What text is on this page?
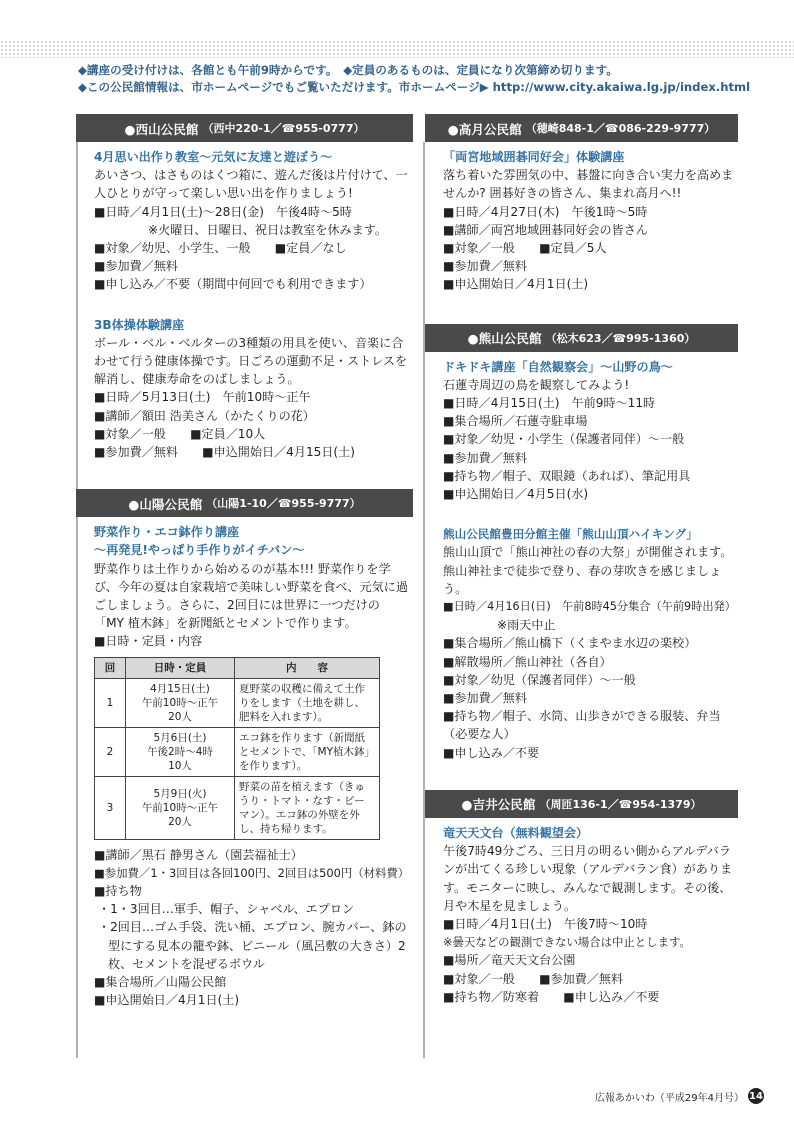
◆講座の受け付けは、各館とも午前9時からです。　◆定員のあるものは、定員になり次第締め切ります。
◆この公民館情報は、市ホームページでもご覧いただけます。市ホームページ▶ http://www.city.akaiwa.lg.jp/index.html
●西山公民館 （西中220-1／☎955-0777）
4月思い出作り教室～元気に友達と遊ぼう～
あいさつ、はさものはくつ箱に、遊んだ後は片付けて、一人ひとりが守って楽しい思い出を作りましょう!
■日時／4月1日(土)～28日(金)　午後4時～5時
※火曜日、日曜日、祝日は教室を休みます。
■対象／幼児、小学生、一般　　■定員／なし
■参加費／無料
■申し込み／不要（期間中何回でも利用できます）
3B体操体験講座
ボール・ベル・ベルターの3種類の用具を使い、音楽に合わせて行う健康体操です。日ごろの運動不足・ストレスを解消し、健康寿命をのばしましょう。
■日時／5月13日(土)　午前10時～正午
■講師／額田 浩美さん（かたくりの花）
■対象／一般　　■定員／10人
■参加費／無料　　■申込開始日／4月15日(土)
●山陽公民館 （山陽1-10／☎955-9777）
野菜作り・エコ鉢作り講座
～再発見!やっぱり手作りがイチバン～
野菜作りは土作りから始めるのが基本!!! 野菜作りを学び、今年の夏は自家栽培で美味しい野菜を食べ、元気に過ごしましょう。さらに、2回目には世界に一つだけの「MY 植木鉢」を新聞紙とセメントで作ります。
■日時・定員・内容
回	日時・定員	内　　容
1	4月15日(土)
午前10時～正午
20人	夏野菜の収穫に備えて土作りをします（土地を耕し、肥料を入れます）。
2	5月6日(土)
午後2時～4時
10人	エコ鉢を作ります（新聞紙とセメントで、「MY植木鉢」を作ります）。
3	5月9日(火)
午前10時～正午
20人	野菜の苗を植えます（きゅうり・トマト・なす・ピーマン）。エコ鉢の外壁を外し、持ち帰ります。
■講師／黒石 静男さん（園芸福祉士）
■参加費／1・3回目は各回100円、2回目は500円（材料費）
■持ち物
・1・3回目…軍手、帽子、シャベル、エプロン
・2回目…ゴム手袋、洗い桶、エプロン、腕カバー、鉢の型にする見本の籠や鉢、ビニール（風呂敷の大きさ）2枚、セメントを混ぜるボウル
■集合場所／山陽公民館
■申込開始日／4月1日(土)
●高月公民館 （穂崎848-1／☎086-229-9777）
「両宮地域囲碁同好会」体験講座
落ち着いた雰囲気の中、碁盤に向き合い実力を高めませんか? 囲碁好きの皆さん、集まれ高月へ!!
■日時／4月27日(木)　午後1時～5時
■講師／両宮地域囲碁同好会の皆さん
■対象／一般　　■定員／5人
■参加費／無料
■申込開始日／4月1日(土)
●熊山公民館 （松木623／☎995-1360）
ドキドキ講座「自然観察会」～山野の鳥～
石蓮寺周辺の鳥を観察してみよう!
■日時／4月15日(土)　午前9時～11時
■集合場所／石蓮寺駐車場
■対象／幼児・小学生（保護者同伴）～一般
■参加費／無料
■持ち物／帽子、双眼鏡（あれば）、筆記用具
■申込開始日／4月5日(水)
熊山公民館豊田分館主催「熊山山頂ハイキング」
熊山山頂で「熊山神社の春の大祭」が開催されます。熊山神社まで徒歩で登り、春の芽吹きを感じましょう。
■日時／4月16日(日)　午前8時45分集合（午前9時出発）
※雨天中止
■集合場所／熊山橋下（くまやま水辺の楽校）
■解散場所／熊山神社（各自）
■対象／幼児（保護者同伴）～一般
■参加費／無料
■持ち物／帽子、水筒、山歩きができる服装、弁当（必要な人）
■申し込み／不要
●吉井公民館 （周匝136-1／☎954-1379）
竜天天文台（無料観望会）
午後7時49分ごろ、三日月の明るい側からアルデバランが出てくる珍しい現象（アルデバラン食）があります。モニターに映し、みんなで観測します。その後、月や木星を見ましょう。
■日時／4月1日(土)　午後7時～10時
※曇天などの観測できない場合は中止とします。
■場所／竜天天文台公園
■対象／一般　　■参加費／無料
■持ち物／防寒着　　■申し込み／不要
広報あかいわ（平成29年4月号） 14
